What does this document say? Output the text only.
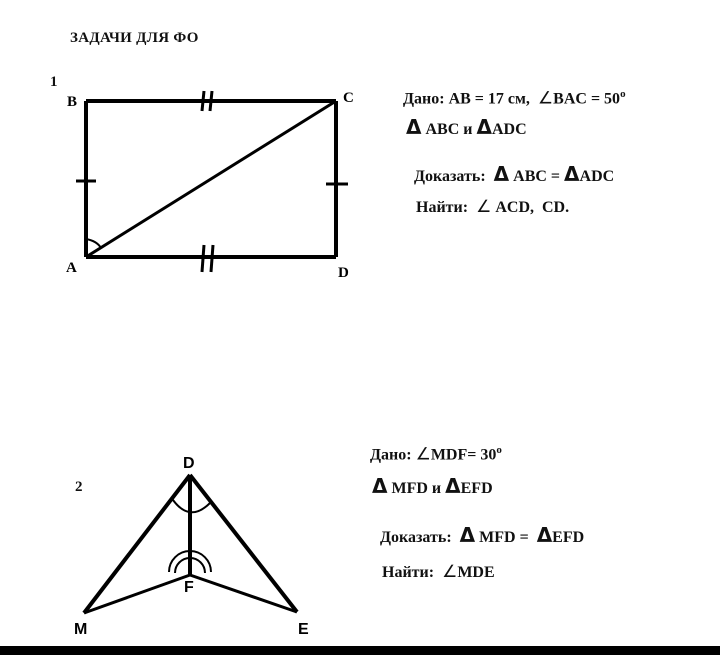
ЗАДАЧИ ДЛЯ ФО
1
B	C
A	D
Дано: AB = 17 см, ∠BAC = $50^o$
Δ ABC и ΔADC
Доказать: Δ ABC = ΔADC
Найти: ∠ ACD, CD.
2
D
F
M	E
Дано: ∠MDF= $30^o$
Δ MFD и ΔEFD
Доказать: Δ MFD = ΔEFD
Найти: ∠MDE
